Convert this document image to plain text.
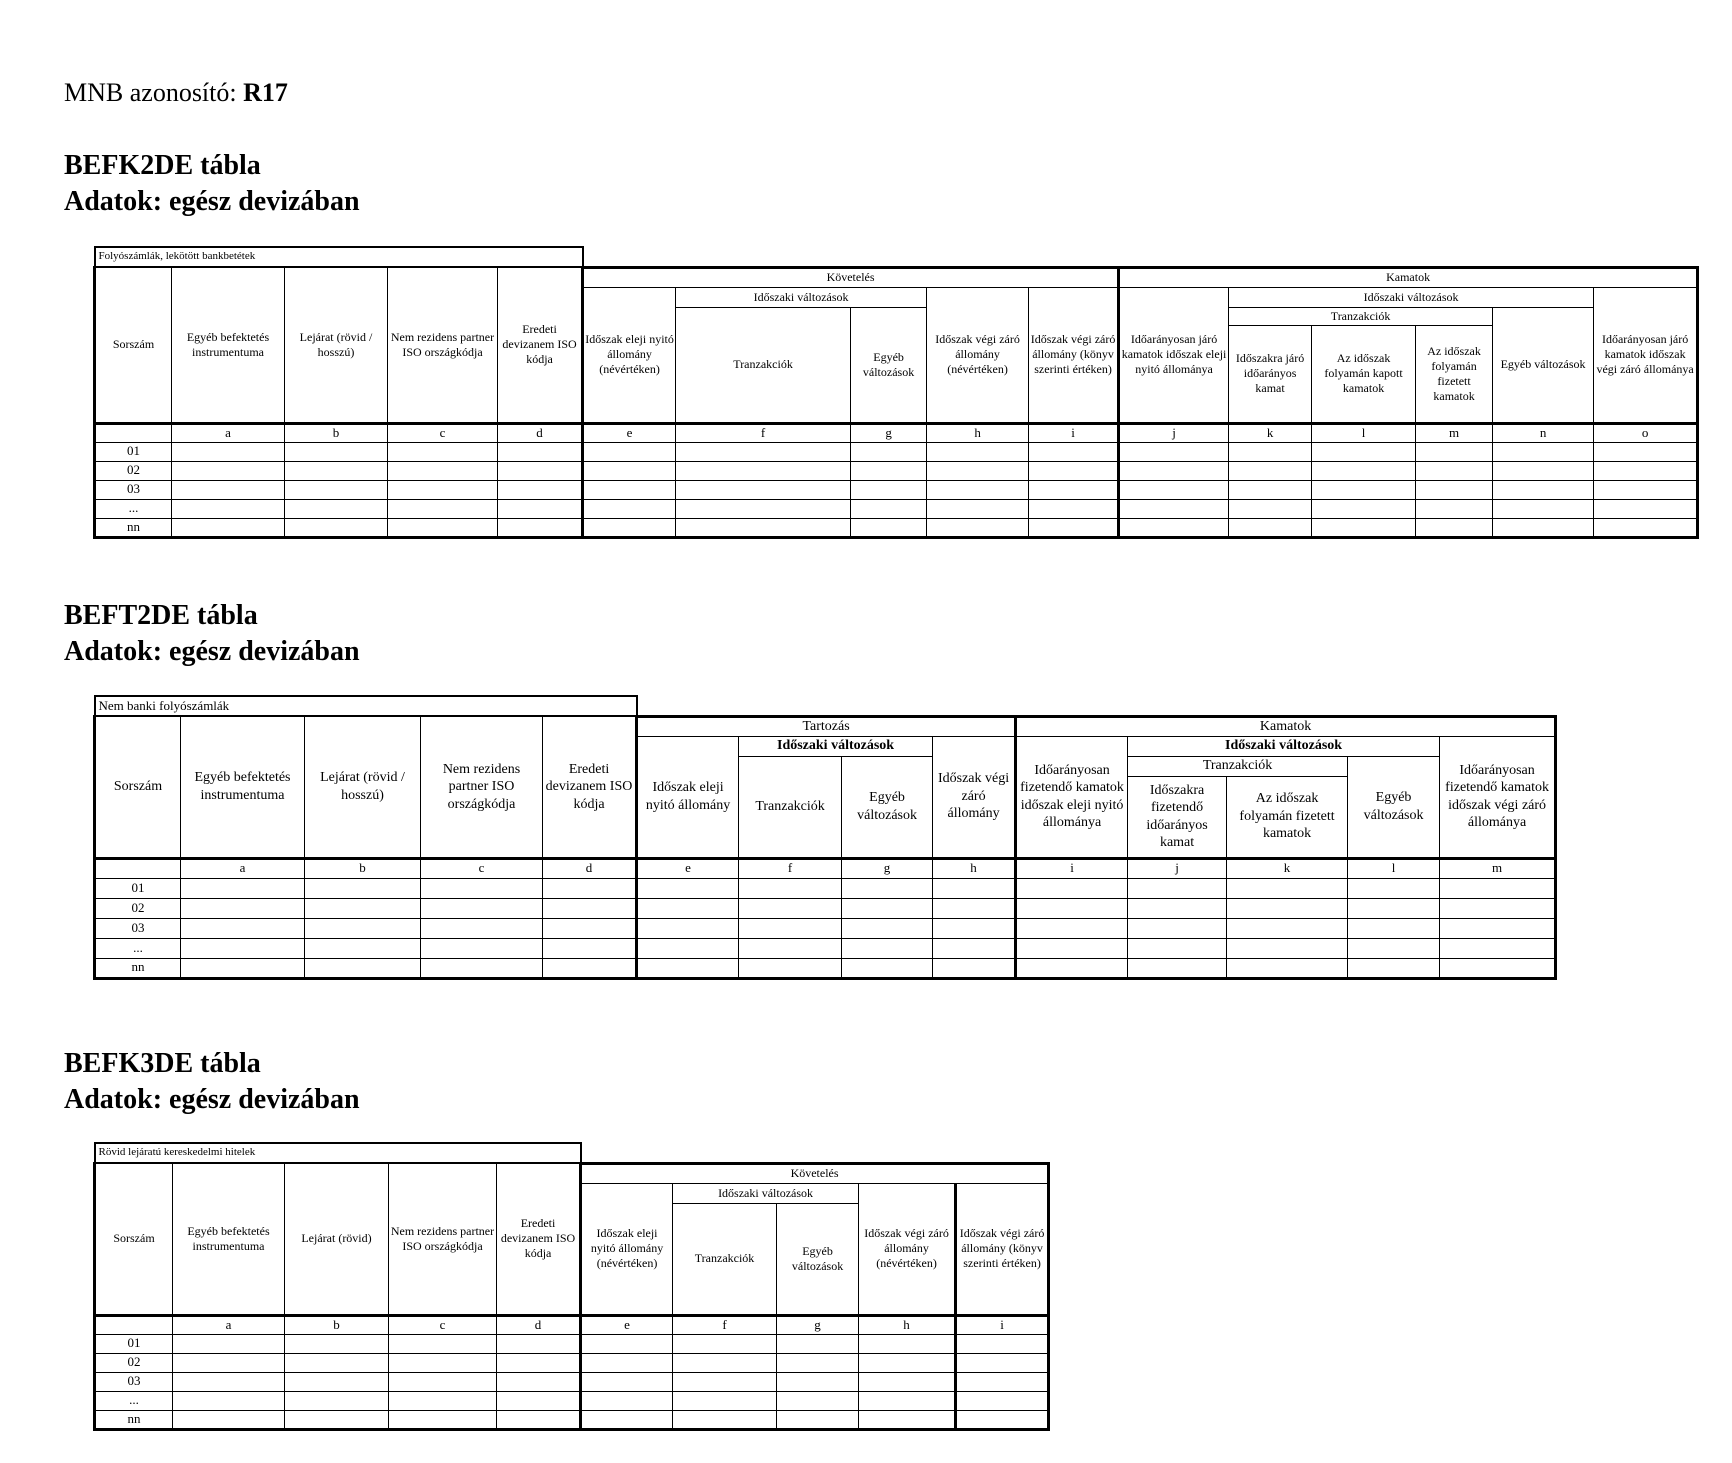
MNB azonosító: R17
BEFK2DE tábla
Adatok: egész devizában
Folyószámlák, lekötött bankbetétek															
Sorszám	Egyéb befektetés instrumentuma	Lejárat (rövid / hosszú)	Nem rezidens partner ISO országkódja	Eredeti devizanem ISO kódja	Követelés					Kamatok					
					Időszak eleji nyitó állomány (névértéken)	Időszaki változások		Időszak végi záró állomány (névértéken)	Időszak végi záró állomány (könyv szerinti értéken)	Időarányosan járó kamatok időszak eleji nyitó állománya	Időszaki változások				Időarányosan járó kamatok időszak végi záró állománya
						Tranzakciók	Egyéb változások				Tranzakciók			Egyéb változások	
											Időszakra járó időarányos kamat	Az időszak folyamán kapott kamatok	Az időszak folyamán fizetett kamatok		
	a	b	c	d	e	f	g	h	i	j	k	l	m	n	o
01															
02															
03															
...															
nn															
BEFT2DE tábla
Adatok: egész devizában
Nem banki folyószámlák													
Sorszám	Egyéb befektetés instrumentuma	Lejárat (rövid / hosszú)	Nem rezidens partner ISO országkódja	Eredeti devizanem ISO kódja	Tartozás				Kamatok				
					Időszak eleji nyitó állomány	Időszaki változások		Időszak végi záró állomány	Időarányosan fizetendő kamatok időszak eleji nyitó állománya	Időszaki változások			Időarányosan fizetendő kamatok időszak végi záró állománya
						Tranzakciók	Egyéb változások			Tranzakciók		Egyéb változások	
										Időszakra fizetendő időarányos kamat	Az időszak folyamán fizetett kamatok		
	a	b	c	d	e	f	g	h	i	j	k	l	m
01													
02													
03													
...													
nn													
BEFK3DE tábla
Adatok: egész devizában
Rövid lejáratú kereskedelmi hitelek									
Sorszám	Egyéb befektetés instrumentuma	Lejárat (rövid)	Nem rezidens partner ISO országkódja	Eredeti devizanem ISO kódja	Követelés				
					Időszak eleji nyitó állomány (névértéken)	Időszaki változások		Időszak végi záró állomány (névértéken)	Időszak végi záró állomány (könyv szerinti értéken)
						Tranzakciók	Egyéb változások		
	a	b	c	d	e	f	g	h	i
01									
02									
03									
...									
nn									
